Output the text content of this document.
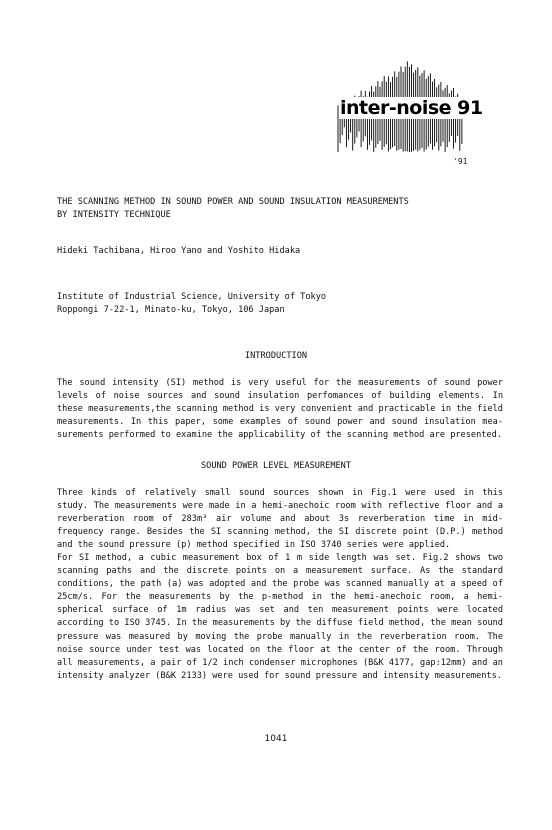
inter-noise 91
'91
THE SCANNING METHOD IN SOUND POWER AND SOUND INSULATION MEASUREMENTS
BY INTENSITY TECHNIQUE
Hideki Tachibana, Hiroo Yano and Yoshito Hidaka
Institute of Industrial Science, University of Tokyo
Roppongi 7-22-1, Minato-ku, Tokyo, 106 Japan
INTRODUCTION
The sound intensity (SI) method is very useful for the measurements of sound power
levels of noise sources and sound insulation perfomances of building elements. In
these measurements,the scanning method is very convenient and practicable in the field
measurements. In this paper, some examples of sound power and sound insulation mea-
surements performed to examine the applicability of the scanning method are presented.
SOUND POWER LEVEL MEASUREMENT
Three kinds of relatively small sound sources shown in Fig.1 were used in this
study. The measurements were made in a hemi-anechoic room with reflective floor and a
reverberation room of 283m³ air volume and about 3s reverberation time in mid-
frequency range. Besides the SI scanning method, the SI discrete point (D.P.) method
and the sound pressure (p) method specified in ISO 3740 series were applied.
For SI method, a cubic measurement box of 1 m side length was set. Fig.2 shows two
scanning paths and the discrete points on a measurement surface. As the standard
conditions, the path (a) was adopted and the probe was scanned manually at a speed of
25cm/s. For the measurements by the p-method in the hemi-anechoic room, a hemi-
spherical surface of 1m radius was set and ten measurement points were located
according to ISO 3745. In the measurements by the diffuse field method, the mean sound
pressure was measured by moving the probe manually in the reverberation room. The
noise source under test was located on the floor at the center of the room. Through
all measurements, a pair of 1/2 inch condenser microphones (B&K 4177, gap:12mm) and an
intensity analyzer (B&K 2133) were used for sound pressure and intensity measurements.
1041
